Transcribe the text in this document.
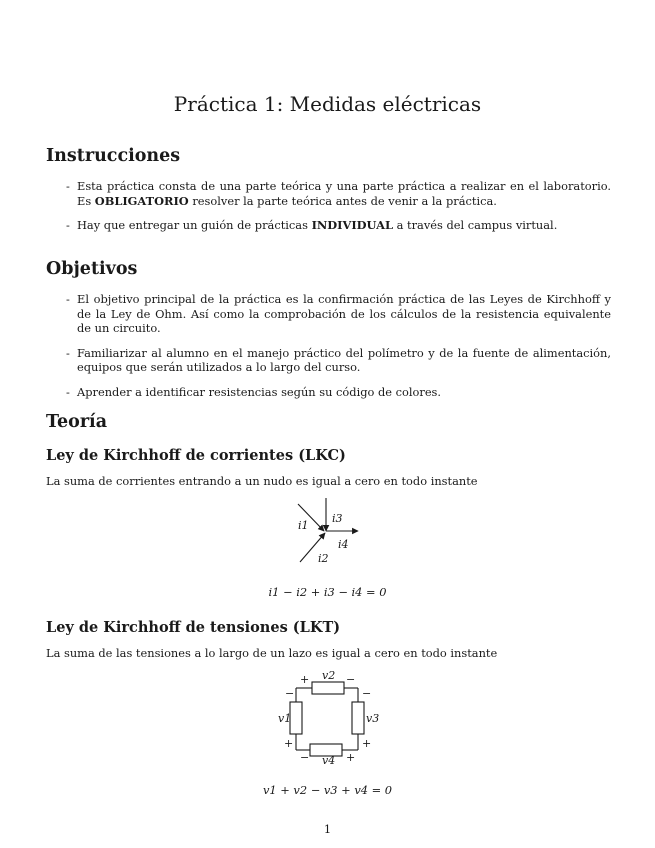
Práctica 1: Medidas eléctricas
Instrucciones
- Esta práctica consta de una parte teórica y una parte práctica a realizar en el laboratorio. Es OBLIGATORIO resolver la parte teórica antes de venir a la práctica.
- Hay que entregar un guión de prácticas INDIVIDUAL a través del campus virtual.
Objetivos
- El objetivo principal de la práctica es la confirmación práctica de las Leyes de Kirchhoff y de la Ley de Ohm. Así como la comprobación de los cálculos de la resistencia equivalente de un circuito.
- Familiarizar al alumno en el manejo práctico del polímetro y de la fuente de alimentación, equipos que serán utilizados a lo largo del curso.
- Aprender a identificar resistencias según su código de colores.
Teoría
Ley de Kirchhoff de corrientes (LKC)
La suma de corrientes entrando a un nudo es igual a cero en todo instante
i1
i3
i4
i2
i1 − i2 + i3 − i4 = 0
Ley de Kirchhoff de tensiones (LKT)
La suma de las tensiones a lo largo de un lazo es igual a cero en todo instante
v2
v1	v3
v4
+	−
−
+
−
+
−	+
v1 + v2 − v3 + v4 = 0
1
